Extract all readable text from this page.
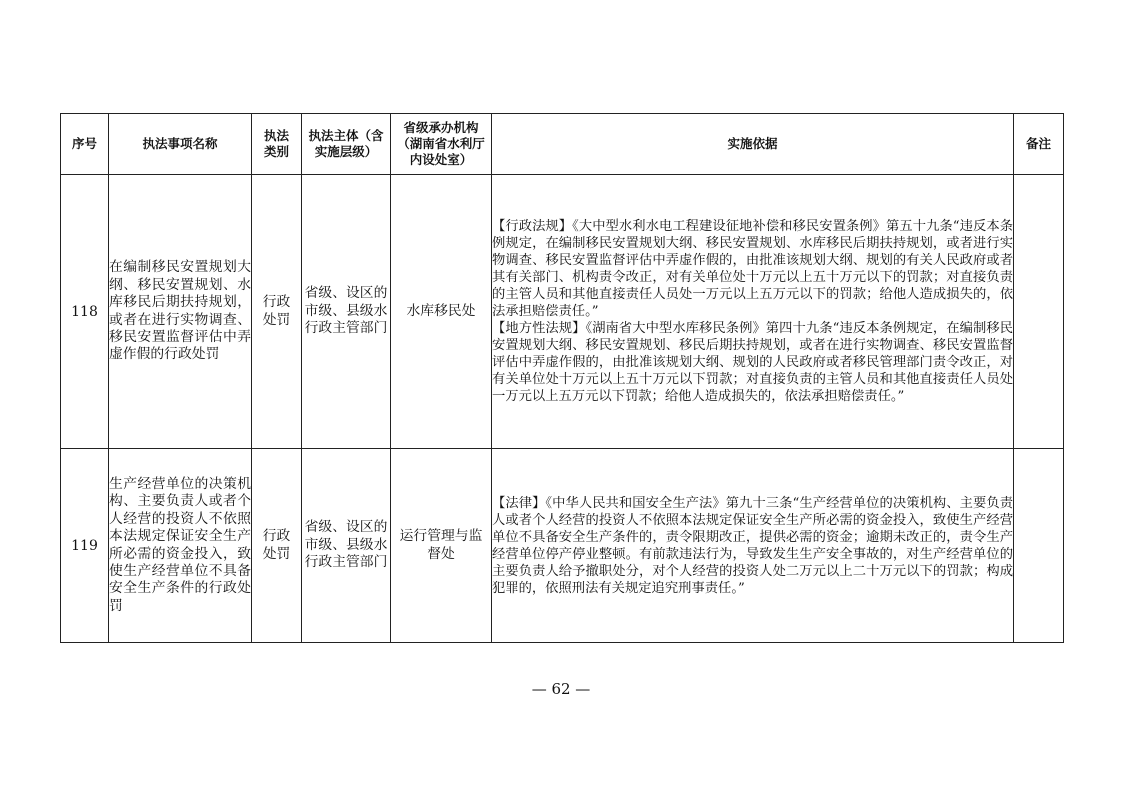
序号	执法事项名称	执法类别	执法主体（含实施层级）	省级承办机构（湖南省水利厅内设处室）	实施依据	备注
118	在编制移民安置规划大纲、移民安置规划、水库移民后期扶持规划，或者在进行实物调查、移民安置监督评估中弄虚作假的行政处罚	行政处罚	省级、设区的市级、县级水行政主管部门	水库移民处	【行政法规】《大中型水利水电工程建设征地补偿和移民安置条例》第五十九条“违反本条例规定，在编制移民安置规划大纲、移民安置规划、水库移民后期扶持规划，或者进行实物调查、移民安置监督评估中弄虚作假的，由批准该规划大纲、规划的有关人民政府或者其有关部门、机构责令改正，对有关单位处十万元以上五十万元以下的罚款；对直接负责的主管人员和其他直接责任人员处一万元以上五万元以下的罚款；给他人造成损失的，依法承担赔偿责任。”

【地方性法规】《湖南省大中型水库移民条例》第四十九条“违反本条例规定，在编制移民安置规划大纲、移民安置规划、移民后期扶持规划，或者在进行实物调查、移民安置监督评估中弄虚作假的，由批准该规划大纲、规划的人民政府或者移民管理部门责令改正，对有关单位处十万元以上五十万元以下罚款；对直接负责的主管人员和其他直接责任人员处一万元以上五万元以下罚款；给他人造成损失的，依法承担赔偿责任。”	

119	生产经营单位的决策机构、主要负责人或者个人经营的投资人不依照本法规定保证安全生产所必需的资金投入，致使生产经营单位不具备安全生产条件的行政处罚	行政处罚	省级、设区的市级、县级水行政主管部门	运行管理与监督处	【法律】《中华人民共和国安全生产法》第九十三条“生产经营单位的决策机构、主要负责人或者个人经营的投资人不依照本法规定保证安全生产所必需的资金投入，致使生产经营单位不具备安全生产条件的，责令限期改正，提供必需的资金；逾期未改正的，责令生产经营单位停产停业整顿。有前款违法行为，导致发生生产安全事故的，对生产经营单位的主要负责人给予撤职处分，对个人经营的投资人处二万元以上二十万元以下的罚款；构成犯罪的，依照刑法有关规定追究刑事责任。”	

— 62 —
